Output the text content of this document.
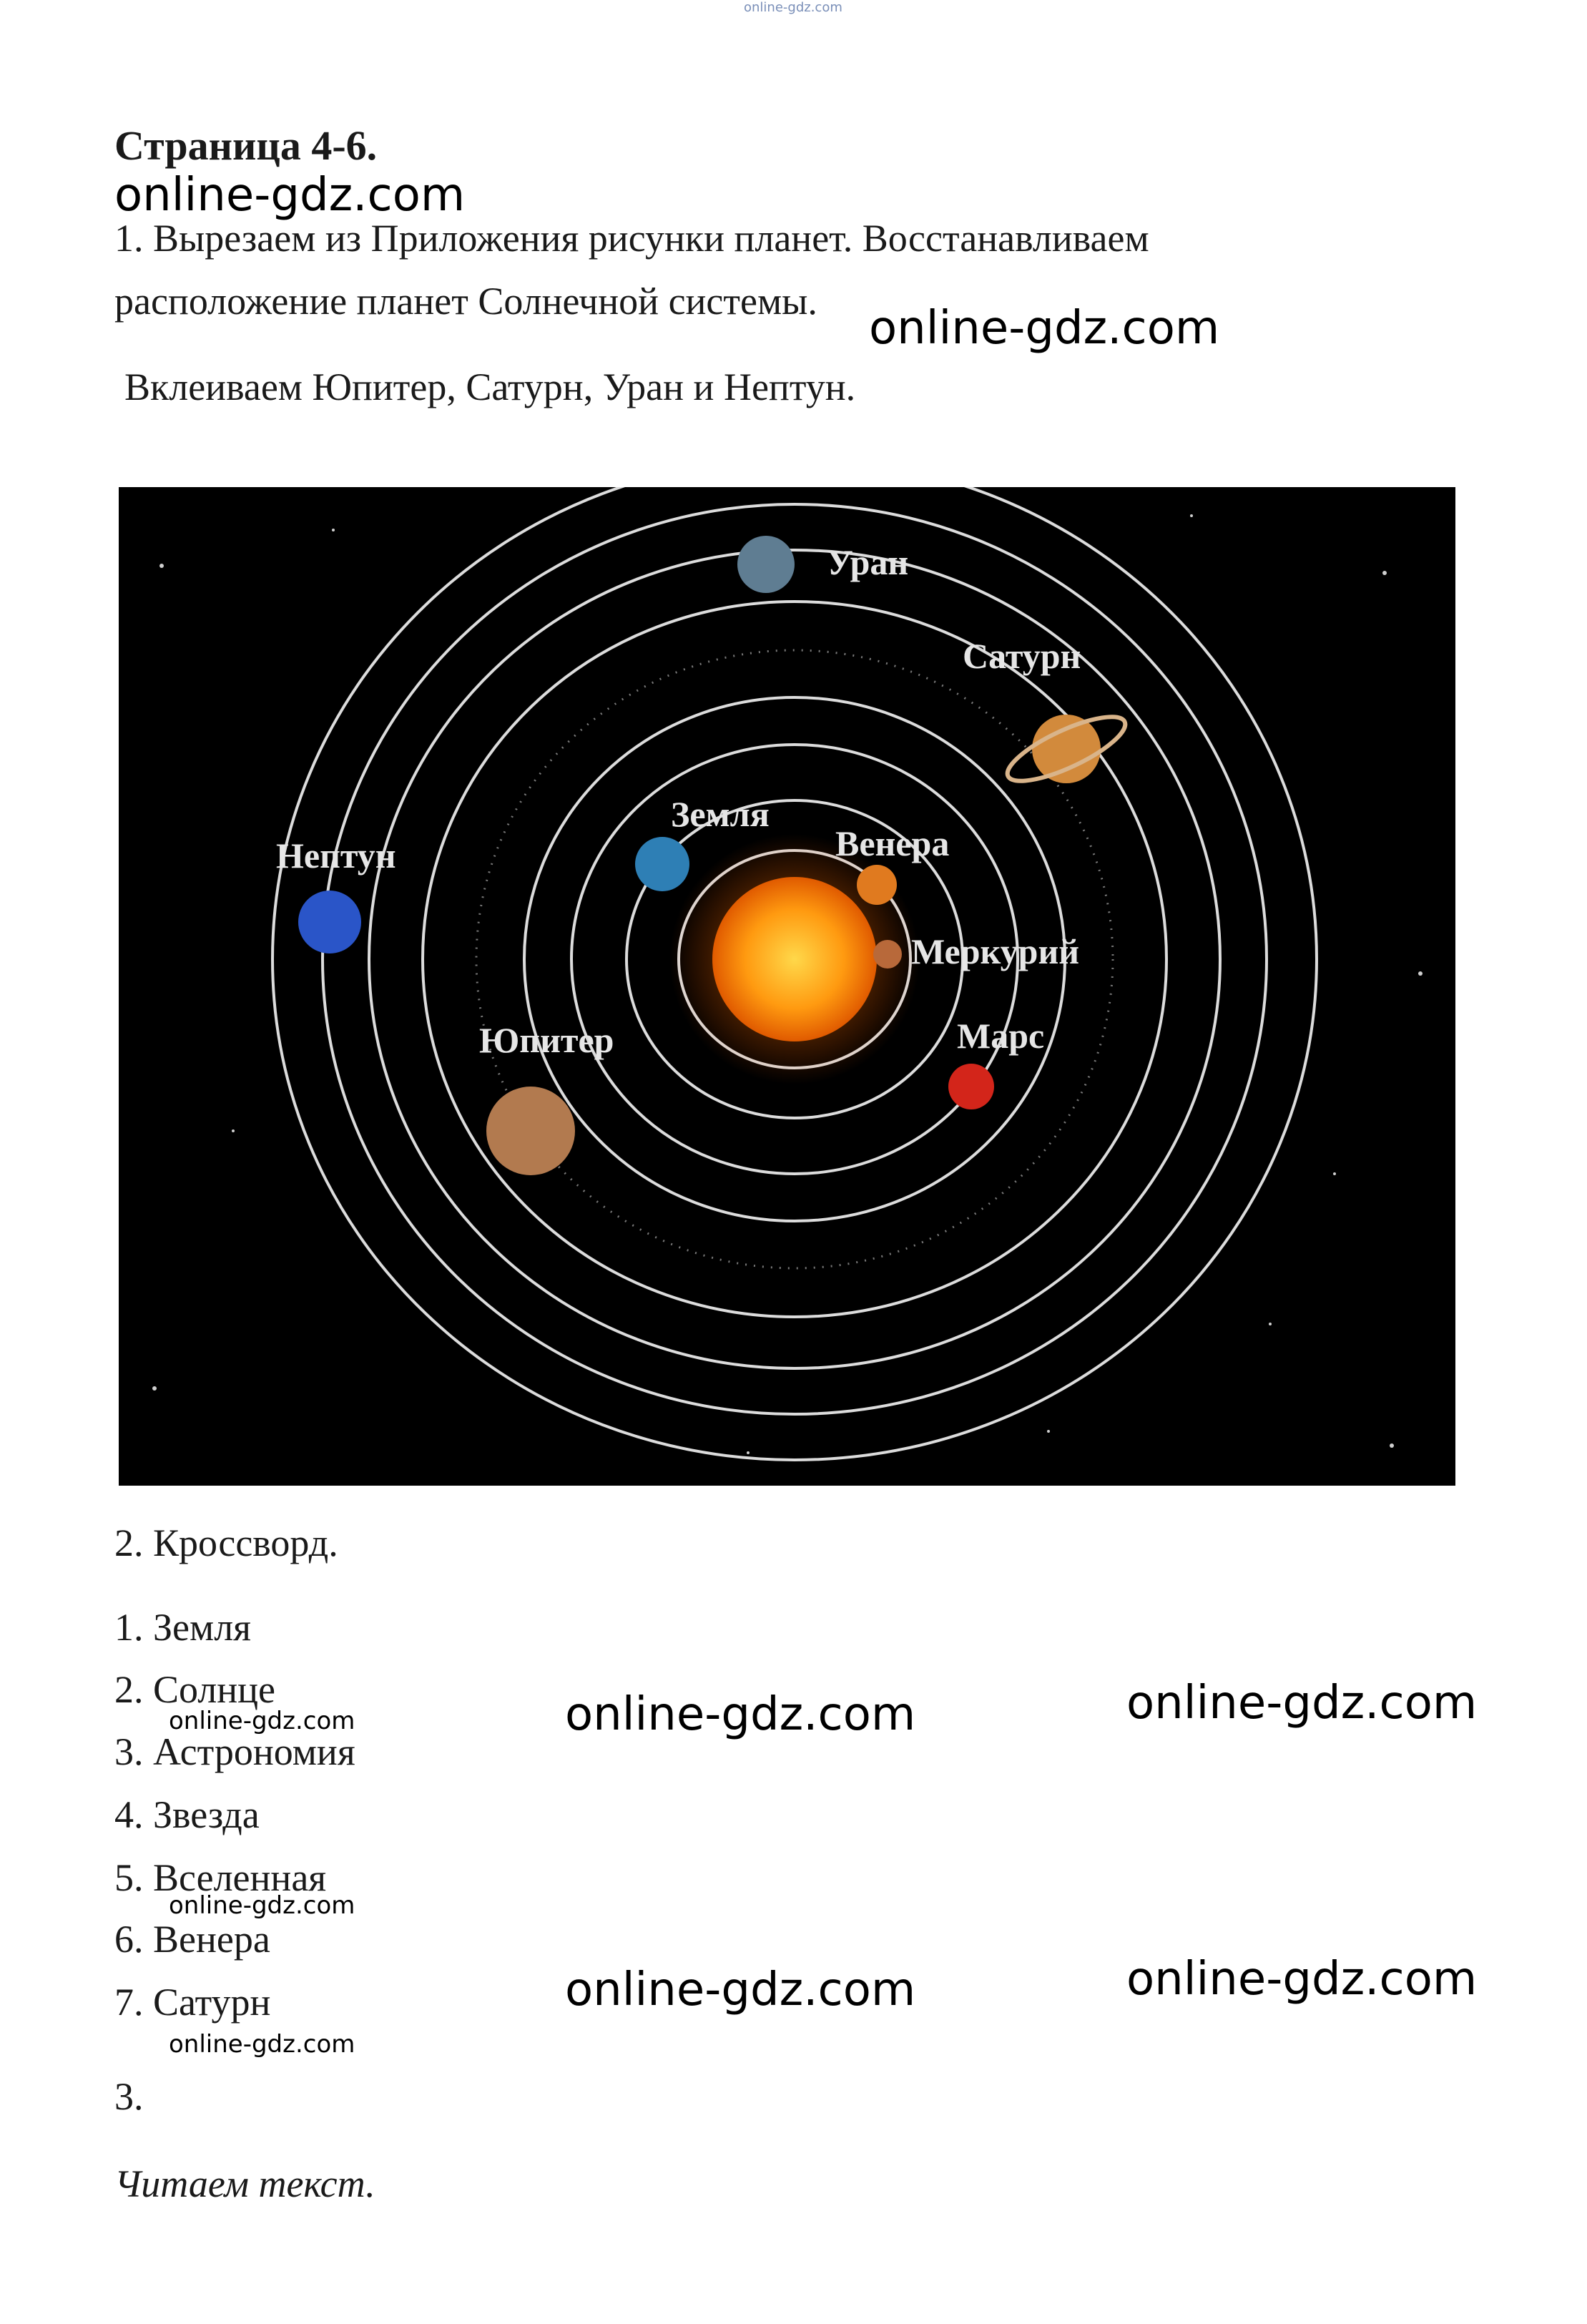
online-gdz.com
Страница 4-6.
online-gdz.com
1. Вырезаем из Приложения рисунки планет. Восстанавливаем
расположение планет Солнечной системы.
online-gdz.com
Вклеиваем Юпитер, Сатурн, Уран и Нептун.
Уран
Сатурн
Земля
Венера
Меркурий
Нептун
Юпитер	Марс
2. Кроссворд.
1. Земля
2. Солнце
online-gdz.com
3. Астрономия
4. Звезда
5. Вселенная
online-gdz.com
6. Венера
7. Сатурн
online-gdz.com
online-gdz.com	online-gdz.com
online-gdz.com	online-gdz.com
3.
Читаем текст.
